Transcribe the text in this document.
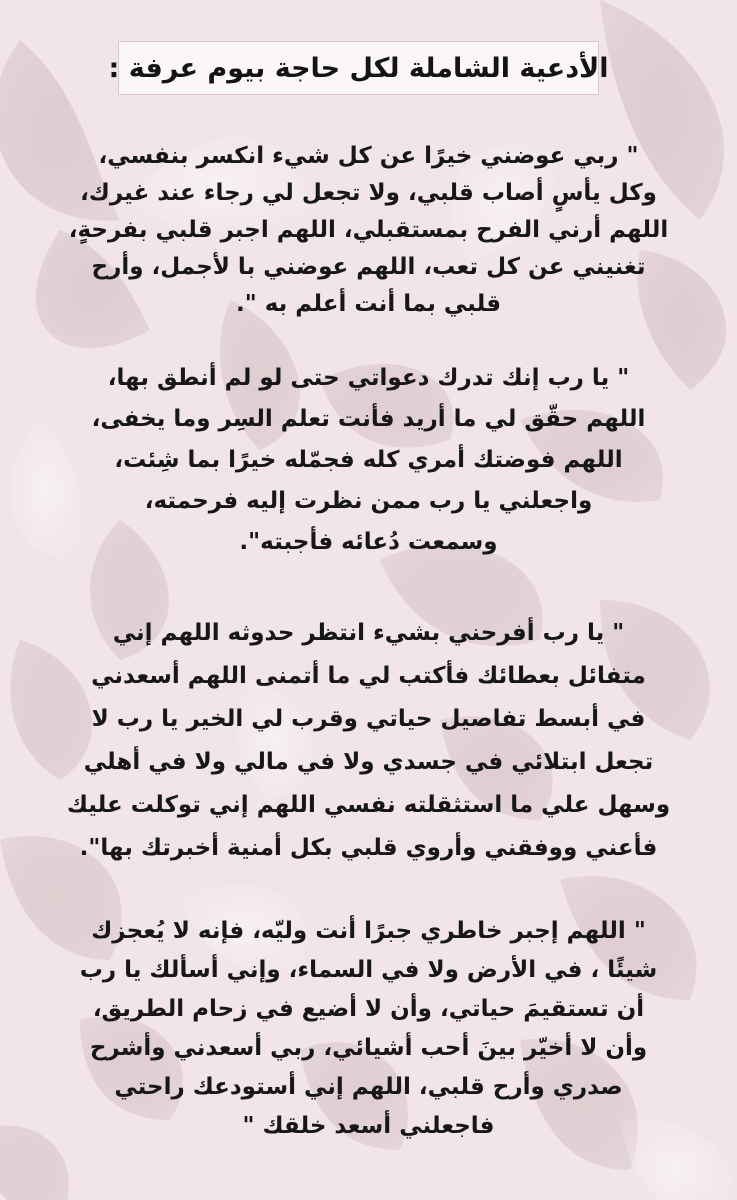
الأدعية الشاملة لكل حاجة بيوم عرفة :
" ربي عوضني خيرًا عن كل شيء انكسر بنفسي،
وكل يأسٍ أصاب قلبي، ولا تجعل لي رجاء عند غيرك،
اللهم أرني الفرح بمستقبلي، اللهم اجبر قلبي بفرحةٍ،
تغنيني عن كل تعب، اللهم عوضني با لأجمل، وأرح
قلبي بما أنت أعلم به ".
" يا رب إنك تدرك دعواتي حتى لو لم أنطق بها،
اللهم حقّق لي ما أريد فأنت تعلم السِر وما يخفى،
اللهم فوضتك أمري كله فجمّله خيرًا بما شِئت،
واجعلني يا رب ممن نظرت إليه فرحمته،
وسمعت دُعائه فأجبته".
" يا رب أفرحني بشيء انتظر حدوثه اللهم إني
متفائل بعطائك فأكتب لي ما أتمنى اللهم أسعدني
في أبسط تفاصيل حياتي وقرب لي الخير يا رب لا
تجعل ابتلائي في جسدي ولا في مالي ولا في أهلي
وسهل علي ما استثقلته نفسي اللهم إني توكلت عليك
فأعني ووفقني وأروي قلبي بكل أمنية أخبرتك بها".
" اللهم إجبر خاطري جبرًا أنت وليّه، فإنه لا يُعجزك
شيئًا ، في الأرض ولا في السماء، وإني أسألك يا رب
أن تستقيمَ حياتي، وأن لا أضيع في زحام الطريق،
وأن لا أخيّر بينَ أحب أشيائي، ربي أسعدني وأشرح
صدري وأرح قلبي، اللهم إني أستودعك راحتي
فاجعلني أسعد خلقك "
